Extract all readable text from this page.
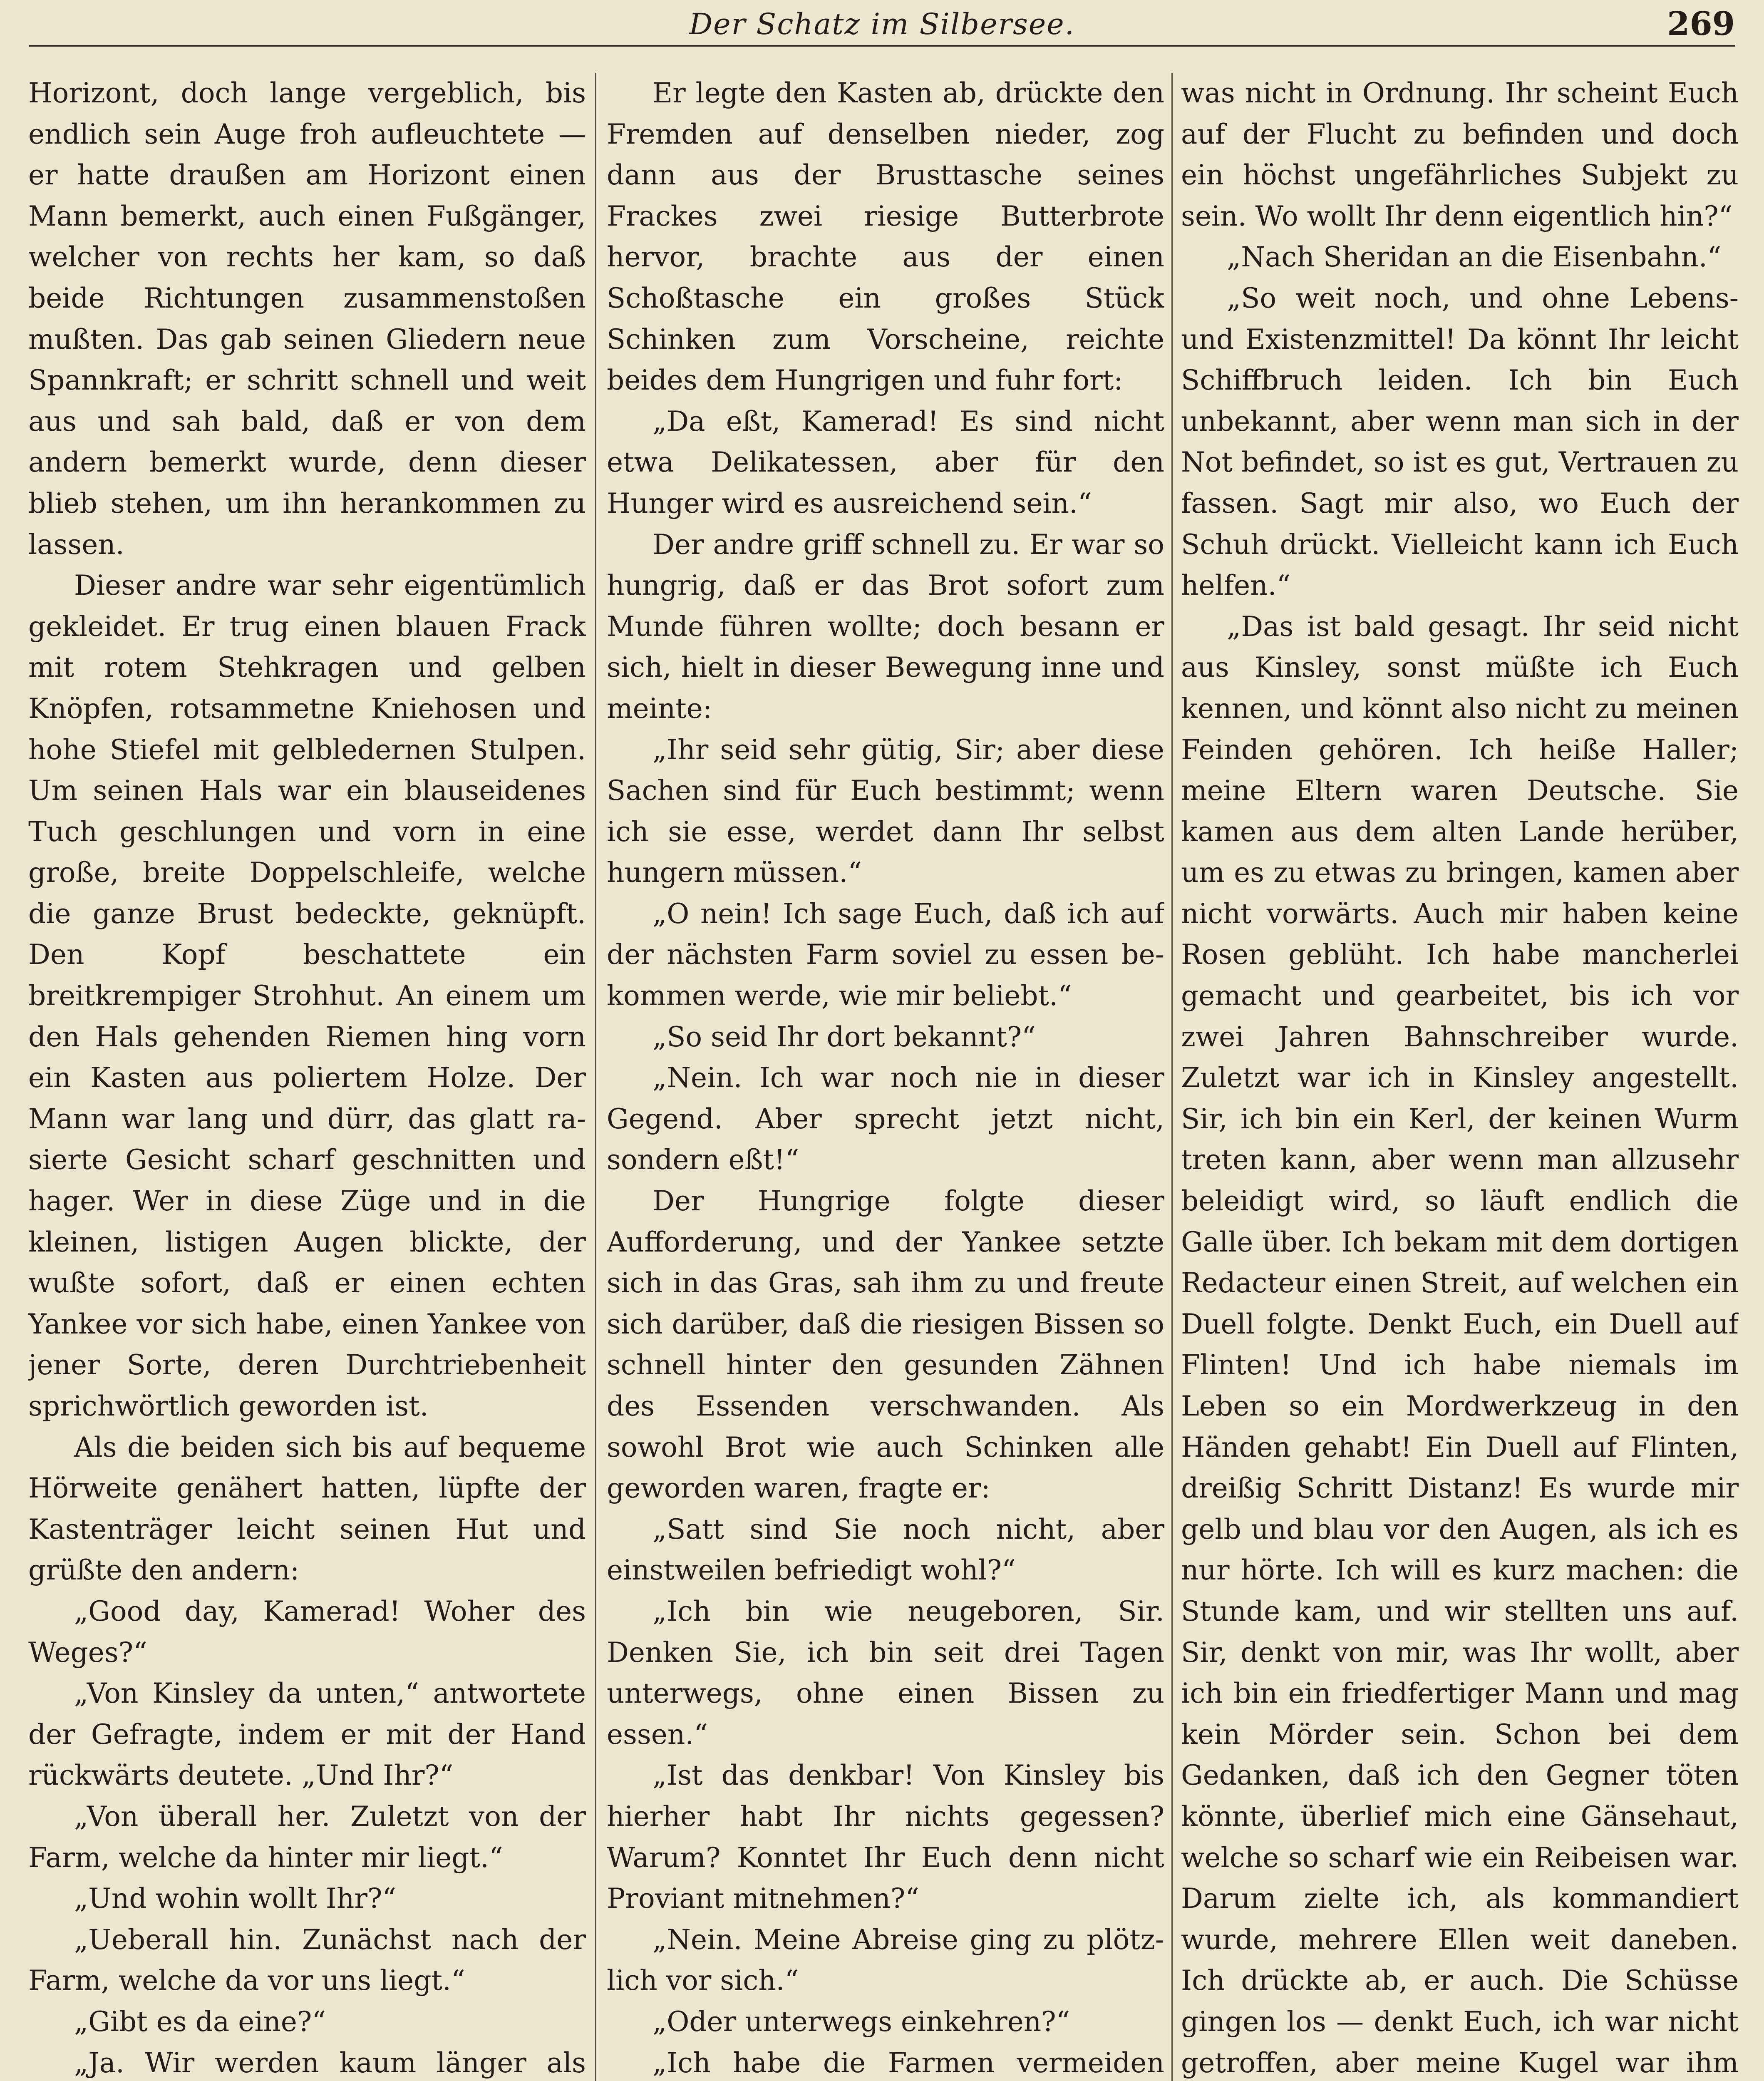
Der Schatz im Silbersee.	269

Horizont, doch lange vergeblich, bis endlich sein Auge froh aufleuchtete — er hatte draußen am Horizont einen Mann bemerkt, auch einen Fußgänger, welcher von rechts her kam, so daß beide Richtungen zusammenstoßen mußten. Das gab seinen Gliedern neue Spannkraft; er schritt schnell und weit aus und sah bald, daß er von dem andern bemerkt wurde, denn dieser blieb stehen, um ihn herankommen zu lassen.

Dieser andre war sehr eigentümlich gekleidet. Er trug einen blauen Frack mit rotem Stehkragen und gelben Knöpfen, rotsammetne Kniehosen und hohe Stiefel mit gelbledernen Stulpen. Um seinen Hals war ein blauseidenes Tuch geschlungen und vorn in eine große, breite Doppelschleife, welche die ganze Brust bedeckte, geknüpft. Den Kopf beschattete ein breitkrempiger Strohhut. An einem um den Hals gehenden Riemen hing vorn ein Kasten aus poliertem Holze. Der Mann war lang und dürr, das glatt rasierte Gesicht scharf geschnitten und hager. Wer in diese Züge und in die kleinen, listigen Augen blickte, der wußte sofort, daß er einen echten Yankee vor sich habe, einen Yankee von jener Sorte, deren Durchtriebenheit sprichwörtlich geworden ist.

Als die beiden sich bis auf bequeme Hörweite genähert hatten, lüpfte der Kastenträger leicht seinen Hut und grüßte den andern:

„Good day, Kamerad! Woher des Weges?“

„Von Kinsley da unten,“ antwortete der Gefragte, indem er mit der Hand rückwärts deutete. „Und Ihr?“

„Von überall her. Zuletzt von der Farm, welche da hinter mir liegt.“

„Und wohin wollt Ihr?“

„Ueberall hin. Zunächst nach der Farm, welche da vor uns liegt.“

„Gibt es da eine?“

„Ja. Wir werden kaum länger als

Er legte den Kasten ab, drückte den Fremden auf denselben nieder, zog dann aus der Brusttasche seines Frackes zwei riesige Butterbrote hervor, brachte aus der einen Schoßtasche ein großes Stück Schinken zum Vorscheine, reichte beides dem Hungrigen und fuhr fort:

„Da eßt, Kamerad! Es sind nicht etwa Delikatessen, aber für den Hunger wird es ausreichend sein.“

Der andre griff schnell zu. Er war so hungrig, daß er das Brot sofort zum Munde führen wollte; doch besann er sich, hielt in dieser Bewegung inne und meinte:

„Ihr seid sehr gütig, Sir; aber diese Sachen sind für Euch bestimmt; wenn ich sie esse, werdet dann Ihr selbst hungern müssen.“

„O nein! Ich sage Euch, daß ich auf der nächsten Farm soviel zu essen bekommen werde, wie mir beliebt.“

„So seid Ihr dort bekannt?“

„Nein. Ich war noch nie in dieser Gegend. Aber sprecht jetzt nicht, sondern eßt!“

Der Hungrige folgte dieser Aufforderung, und der Yankee setzte sich in das Gras, sah ihm zu und freute sich darüber, daß die riesigen Bissen so schnell hinter den gesunden Zähnen des Essenden verschwanden. Als sowohl Brot wie auch Schinken alle geworden waren, fragte er:

„Satt sind Sie noch nicht, aber einstweilen befriedigt wohl?“

„Ich bin wie neugeboren, Sir. Denken Sie, ich bin seit drei Tagen unterwegs, ohne einen Bissen zu essen.“

„Ist das denkbar! Von Kinsley bis hierher habt Ihr nichts gegessen? Warum? Konntet Ihr Euch denn nicht Proviant mitnehmen?“

„Nein. Meine Abreise ging zu plötzlich vor sich.“

„Oder unterwegs einkehren?“

„Ich habe die Farmen vermeiden

was nicht in Ordnung. Ihr scheint Euch auf der Flucht zu befinden und doch ein höchst ungefährliches Subjekt zu sein. Wo wollt Ihr denn eigentlich hin?“

„Nach Sheridan an die Eisenbahn.“

„So weit noch, und ohne Lebens- und Existenzmittel! Da könnt Ihr leicht Schiffbruch leiden. Ich bin Euch unbekannt, aber wenn man sich in der Not befindet, so ist es gut, Vertrauen zu fassen. Sagt mir also, wo Euch der Schuh drückt. Vielleicht kann ich Euch helfen.“

„Das ist bald gesagt. Ihr seid nicht aus Kinsley, sonst müßte ich Euch kennen, und könnt also nicht zu meinen Feinden gehören. Ich heiße Haller; meine Eltern waren Deutsche. Sie kamen aus dem alten Lande herüber, um es zu etwas zu bringen, kamen aber nicht vorwärts. Auch mir haben keine Rosen geblüht. Ich habe mancherlei gemacht und gearbeitet, bis ich vor zwei Jahren Bahnschreiber wurde. Zuletzt war ich in Kinsley angestellt. Sir, ich bin ein Kerl, der keinen Wurm treten kann, aber wenn man allzusehr beleidigt wird, so läuft endlich die Galle über. Ich bekam mit dem dortigen Redacteur einen Streit, auf welchen ein Duell folgte. Denkt Euch, ein Duell auf Flinten! Und ich habe niemals im Leben so ein Mordwerkzeug in den Händen gehabt! Ein Duell auf Flinten, dreißig Schritt Distanz! Es wurde mir gelb und blau vor den Augen, als ich es nur hörte. Ich will es kurz machen: die Stunde kam, und wir stellten uns auf. Sir, denkt von mir, was Ihr wollt, aber ich bin ein friedfertiger Mann und mag kein Mörder sein. Schon bei dem Gedanken, daß ich den Gegner töten könnte, überlief mich eine Gänsehaut, welche so scharf wie ein Reibeisen war. Darum zielte ich, als kommandiert wurde, mehrere Ellen weit daneben. Ich drückte ab, er auch. Die Schüsse gingen los — denkt Euch, ich war nicht getroffen, aber meine Kugel war ihm
